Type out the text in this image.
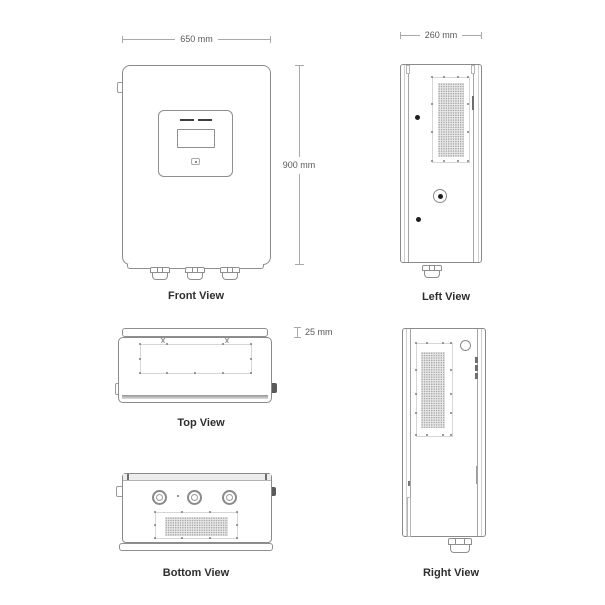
650 mm
900 mm
Front View
260 mm
Left View
25 mm
Top View
Bottom View	Right View
